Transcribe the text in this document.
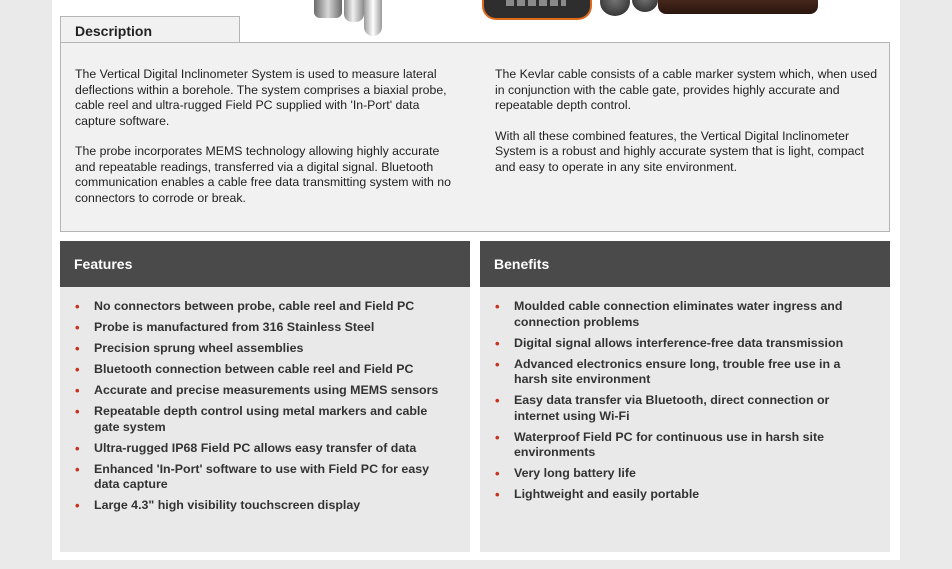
Description

The Vertical Digital Inclinometer System is used to measure lateral deflections within a borehole. The system comprises a biaxial probe, cable reel and ultra-rugged Field PC supplied with 'In-Port' data capture software.

The probe incorporates MEMS technology allowing highly accurate and repeatable readings, transferred via a digital signal. Bluetooth communication enables a cable free data transmitting system with no connectors to corrode or break.

The Kevlar cable consists of a cable marker system which, when used in conjunction with the cable gate, provides highly accurate and repeatable depth control.

With all these combined features, the Vertical Digital Inclinometer System is a robust and highly accurate system that is light, compact and easy to operate in any site environment.

Features
• No connectors between probe, cable reel and Field PC
• Probe is manufactured from 316 Stainless Steel
• Precision sprung wheel assemblies
• Bluetooth connection between cable reel and Field PC
• Accurate and precise measurements using MEMS sensors
• Repeatable depth control using metal markers and cable gate system
• Ultra-rugged IP68 Field PC allows easy transfer of data
• Enhanced 'In-Port' software to use with Field PC for easy data capture
• Large 4.3" high visibility touchscreen display
Benefits
• Moulded cable connection eliminates water ingress and connection problems
• Digital signal allows interference-free data transmission
• Advanced electronics ensure long, trouble free use in a harsh site environment
• Easy data transfer via Bluetooth, direct connection or internet using Wi-Fi
• Waterproof Field PC for continuous use in harsh site environments
• Very long battery life
• Lightweight and easily portable
